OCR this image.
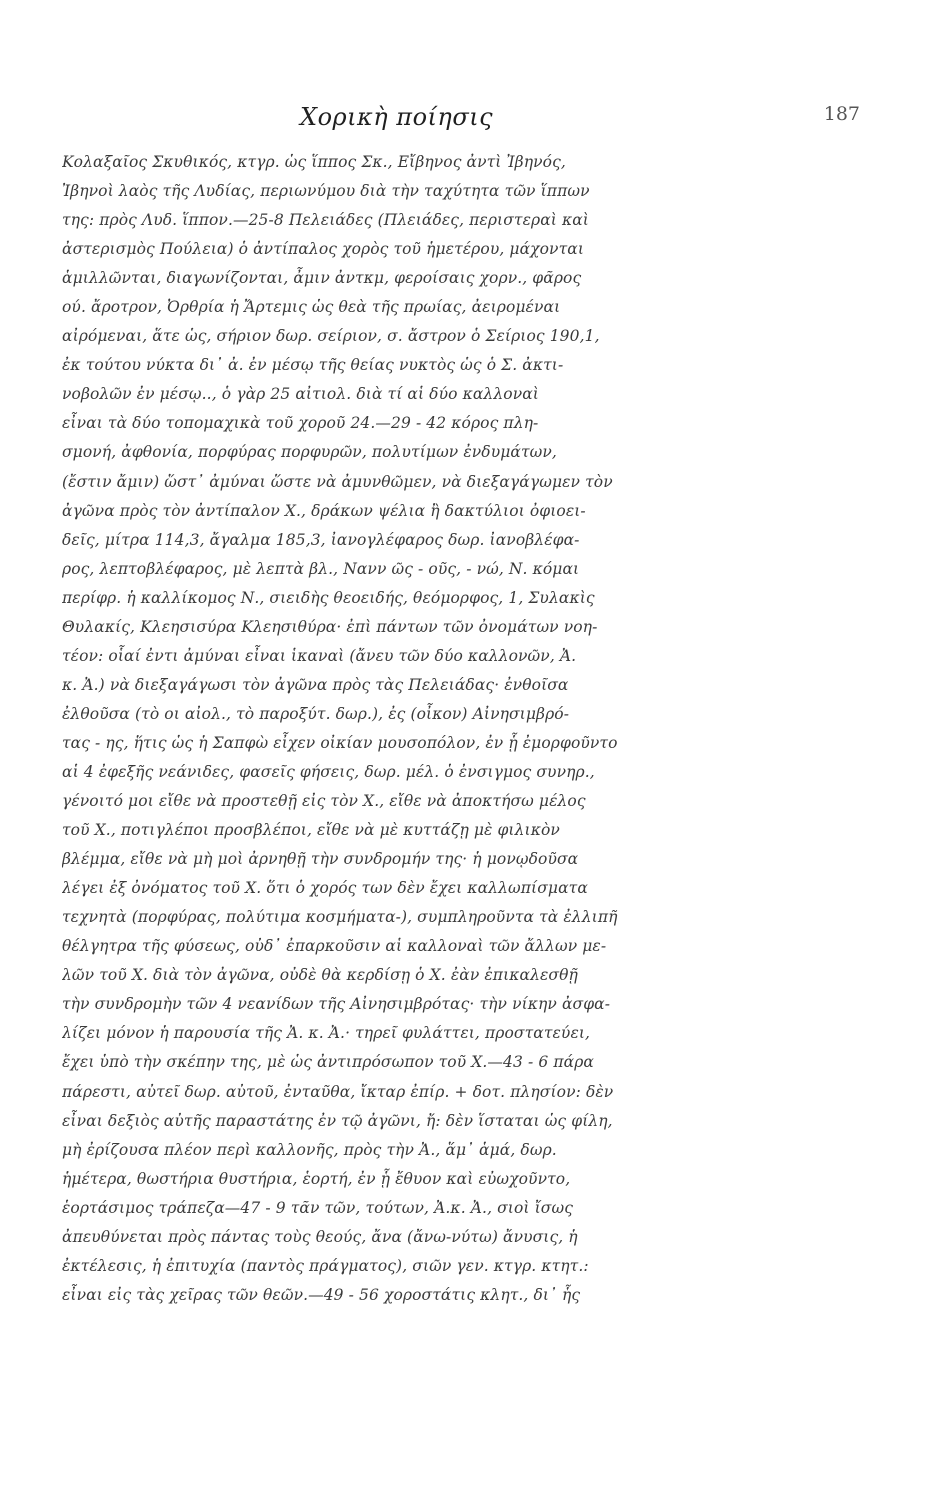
Χορικὴ ποίησις	187
Κολαξαῖος Σκυθικός, κτγρ. ὡς ἵππος Σκ., Εἴβηνος ἀντὶ Ἰβηνός,
Ἰβηνοὶ λαὸς τῆς Λυδίας, περιωνύμου διὰ τὴν ταχύτητα τῶν ἵππων
της: πρὸς Λυδ. ἵππον.—25-8 Πελειάδες (Πλειάδες, περιστεραὶ καὶ
ἀστερισμὸς Πούλεια) ὁ ἀντίπαλος χορὸς τοῦ ἡμετέρου, μάχονται
ἁμιλλῶνται, διαγωνίζονται, ἆμιν ἀντκμ, φεροίσαις χορν., φᾶρος
ού. ἄροτρον, Ὀρθρία ἡ Ἄρτεμις ὡς θεὰ τῆς πρωίας, ἀειρομέναι
αἰρόμεναι, ἅτε ὡς, σήριον δωρ. σείριον, σ. ἄστρον ὁ Σείριος 190,1,
ἐκ τούτου νύκτα δι᾽ ἀ. ἐν μέσῳ τῆς θείας νυκτὸς ὡς ὁ Σ. ἀκτι-
νοβολῶν ἐν μέσῳ.., ὁ γὰρ 25 αἰτιολ. διὰ τί αἱ δύο καλλοναὶ
εἶναι τὰ δύο τοπομαχικὰ τοῦ χοροῦ 24.—29 - 42 κόρος πλη-
σμονή, ἀφθονία, πορφύρας πορφυρῶν, πολυτίμων ἐνδυμάτων,
(ἔστιν ἄμιν) ὥστ᾽ ἀμύναι ὥστε νὰ ἀμυνθῶμεν, νὰ διεξαγάγωμεν τὸν
ἀγῶνα πρὸς τὸν ἀντίπαλον Χ., δράκων ψέλια ἢ δακτύλιοι ὀφιοει-
δεῖς, μίτρα 114,3, ἄγαλμα 185,3, ἰανογλέφαρος δωρ. ἰανοβλέφα-
ρος, λεπτοβλέφαρος, μὲ λεπτὰ βλ., Νανν ῶς - οῦς, - νώ, Ν. κόμαι
περίφρ. ἡ καλλίκομος Ν., σιειδὴς θεοειδής, θεόμορφος, 1, Συλακὶς
Θυλακίς, Κλεησισύρα Κλεησιθύρα· ἐπὶ πάντων τῶν ὀνομάτων νοη-
τέον: οἷαί ἐντι ἀμύναι εἶναι ἱκαναὶ (ἄνευ τῶν δύο καλλονῶν, Ἀ.
κ. Ἀ.) νὰ διεξαγάγωσι τὸν ἀγῶνα πρὸς τὰς Πελειάδας· ἐνθοῖσα
ἐλθοῦσα (τὸ οι αἰολ., τὸ παροξύτ. δωρ.), ἐς (οἶκον) Αἰνησιμβρό-
τας - ης, ἥτις ὡς ἡ Σαπφὼ εἶχεν οἰκίαν μουσοπόλον, ἐν ᾗ ἐμορφοῦντο
αἱ 4 ἐφεξῆς νεάνιδες, φασεῖς φήσεις, δωρ. μέλ. ὁ ἐνσιγμος συνηρ.,
γένοιτό μοι εἴθε νὰ προστεθῇ εἰς τὸν Χ., εἴθε νὰ ἀποκτήσω μέλος
τοῦ Χ., ποτιγλέποι προσβλέποι, εἴθε νὰ μὲ κυττάζῃ μὲ φιλικὸν
βλέμμα, εἴθε νὰ μὴ μοὶ ἀρνηθῇ τὴν συνδρομήν της· ἡ μονῳδοῦσα
λέγει ἐξ ὀνόματος τοῦ Χ. ὅτι ὁ χορός των δὲν ἔχει καλλωπίσματα
τεχνητὰ (πορφύρας, πολύτιμα κοσμήματα-), συμπληροῦντα τὰ ἐλλιπῆ
θέλγητρα τῆς φύσεως, οὐδ᾽ ἐπαρκοῦσιν αἱ καλλοναὶ τῶν ἄλλων με-
λῶν τοῦ Χ. διὰ τὸν ἀγῶνα, οὐδὲ θὰ κερδίσῃ ὁ Χ. ἐὰν ἐπικαλεσθῇ
τὴν συνδρομὴν τῶν 4 νεανίδων τῆς Αἰνησιμβρότας· τὴν νίκην ἀσφα-
λίζει μόνον ἡ παρουσία τῆς Ἀ. κ. Ἀ.· τηρεῖ φυλάττει, προστατεύει,
ἔχει ὑπὸ τὴν σκέπην της, μὲ ὡς ἀντιπρόσωπον τοῦ Χ.—43 - 6 πάρα
πάρεστι, αὐτεῖ δωρ. αὐτοῦ, ἐνταῦθα, ἴκταρ ἐπίρ. + δοτ. πλησίον: δὲν
εἶναι δεξιὸς αὐτῆς παραστάτης ἐν τῷ ἀγῶνι, ἤ: δὲν ἵσταται ὡς φίλη,
μὴ ἐρίζουσα πλέον περὶ καλλονῆς, πρὸς τὴν Ἀ., ἅμ᾽ ἁμά, δωρ.
ἡμέτερα, θωστήρια θυστήρια, ἑορτή, ἐν ᾗ ἔθυον καὶ εὐωχοῦντο,
ἑορτάσιμος τράπεζα—47 - 9 τᾶν τῶν, τούτων, Ἀ.κ. Ἀ., σιοὶ ἴσως
ἀπευθύνεται πρὸς πάντας τοὺς θεούς, ἄνα (ἄνω-νύτω) ἄνυσις, ἡ
ἐκτέλεσις, ἡ ἐπιτυχία (παντὸς πράγματος), σιῶν γεν. κτγρ. κτητ.:
εἶναι εἰς τὰς χεῖρας τῶν θεῶν.—49 - 56 χοροστάτις κλητ., δι᾽ ἧς
